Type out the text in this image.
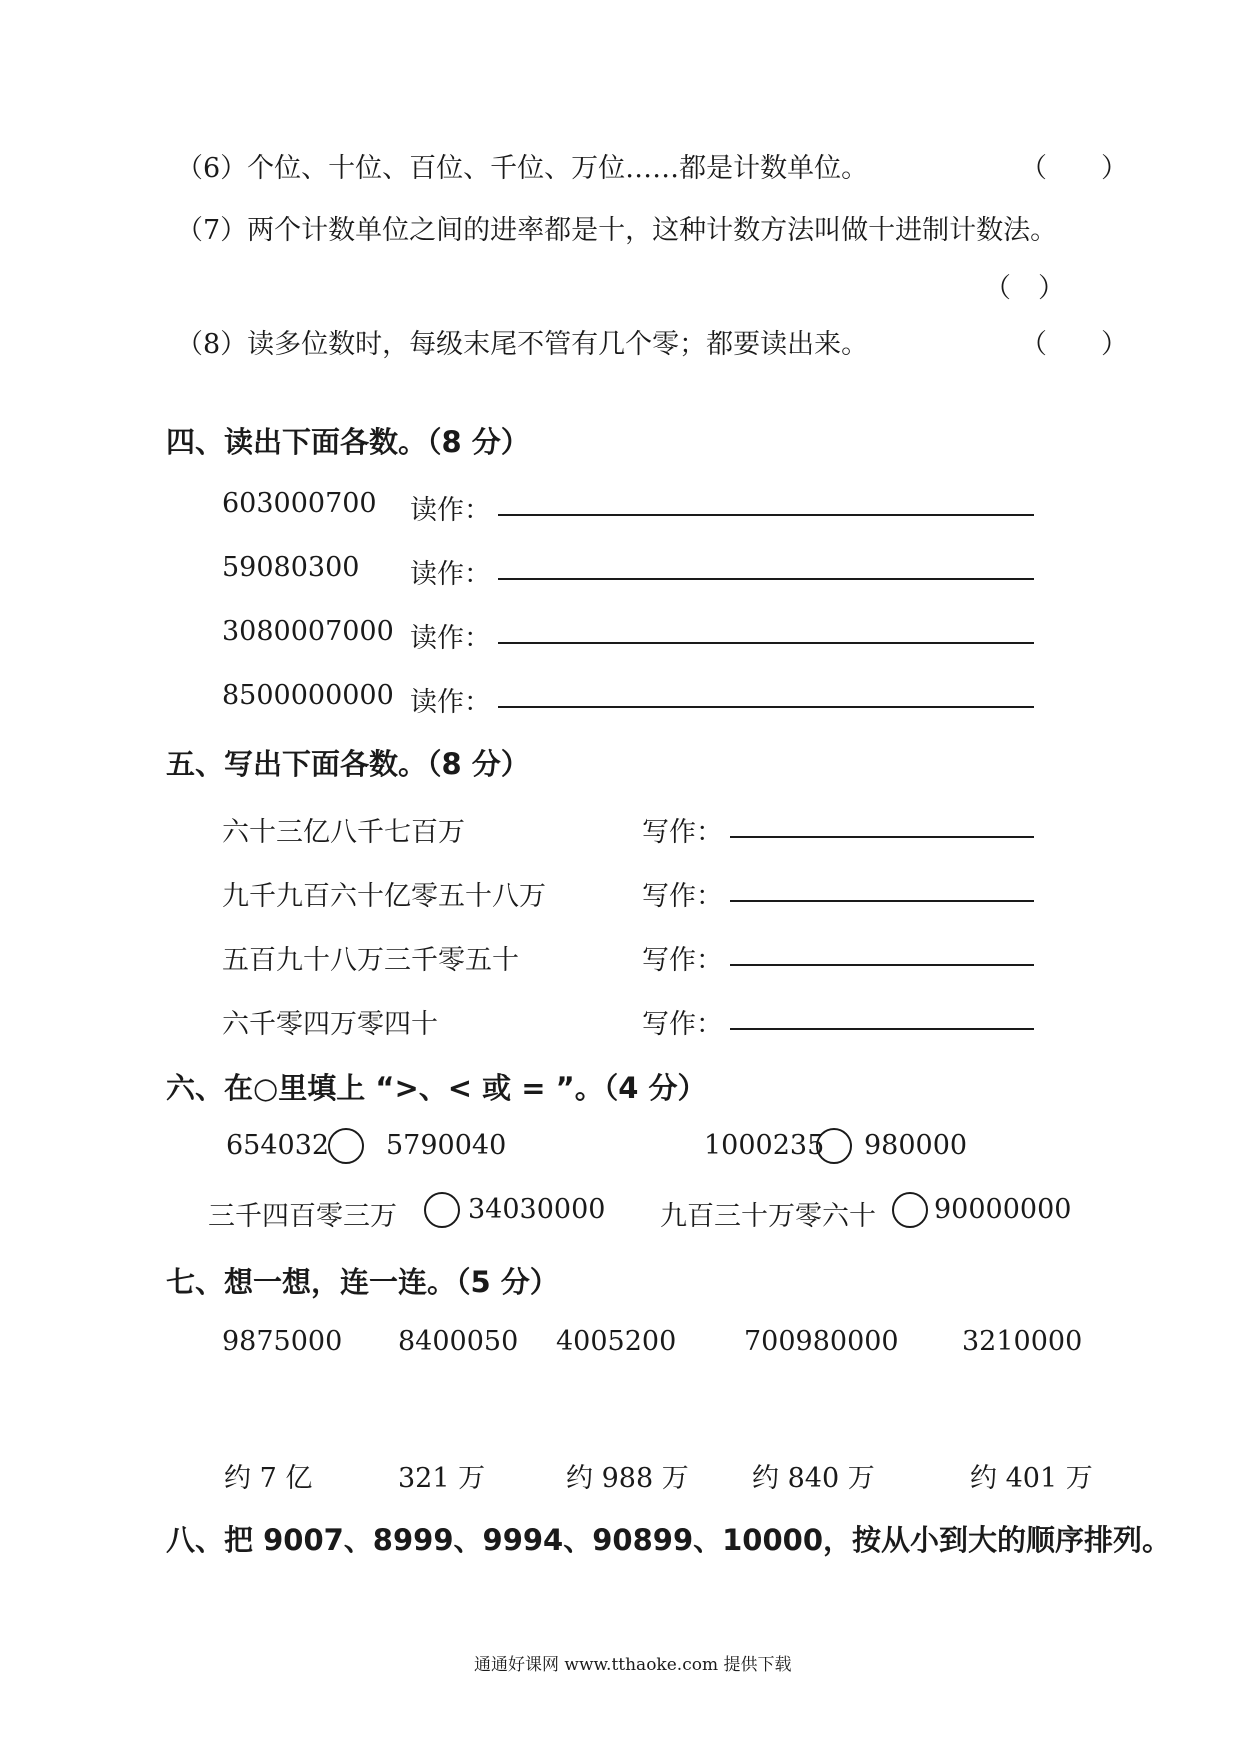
（6）个位、十位、百位、千位、万位……都是计数单位。	（　　）
（7）两个计数单位之间的进率都是十，这种计数方法叫做十进制计数法。
（　）
（8）读多位数时，每级末尾不管有几个零；都要读出来。	（　　）
四、读出下面各数。（8 分）
603000700 读作：
59080300 读作：
3080007000 读作：
8500000000 读作：
五、写出下面各数。（8 分）
六十三亿八千七百万	写作：
九千九百六十亿零五十八万	写作：
五百九十八万三千零五十	写作：
六千零四万零四十	写作：
六、在○里填上 “>、< 或 = ”。（4 分）
654032 5790040	1000235 980000
三千四百零三万	34030000 九百三十万零六十 90000000
七、想一想，连一连。（5 分）
9875000 8400050 4005200	700980000 3210000
约 7 亿	321 万	约 988 万 约 840 万	约 401 万
八、把 9007、8999、9994、90899、10000，按从小到大的顺序排列。
通通好课网 www.tthaoke.com 提供下载
